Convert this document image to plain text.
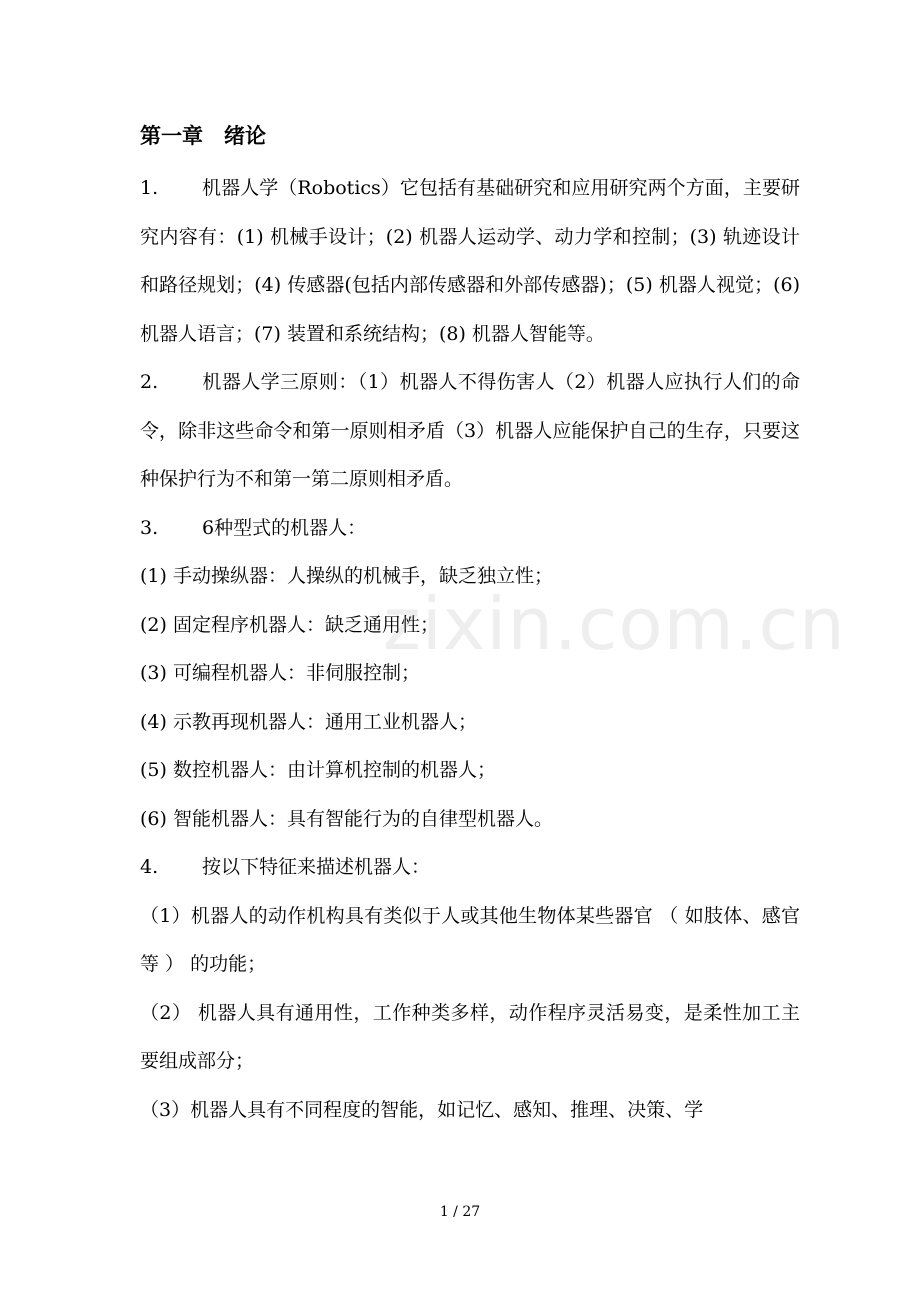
第一章　绪论

1. 机器人学（Robotics）它包括有基础研究和应用研究两个方面，主要研究内容有：(1) 机械手设计；(2) 机器人运动学、动力学和控制；(3) 轨迹设计和路径规划；(4) 传感器(包括内部传感器和外部传感器)；(5) 机器人视觉；(6) 机器人语言；(7) 装置和系统结构；(8) 机器人智能等。

2. 机器人学三原则：（1）机器人不得伤害人（2）机器人应执行人们的命令，除非这些命令和第一原则相矛盾（3）机器人应能保护自己的生存，只要这种保护行为不和第一第二原则相矛盾。

3. 6种型式的机器人：

(1) 手动操纵器：人操纵的机械手，缺乏独立性；

(2) 固定程序机器人：缺乏通用性；

(3) 可编程机器人：非伺服控制；

(4) 示教再现机器人：通用工业机器人；

(5) 数控机器人：由计算机控制的机器人；

(6) 智能机器人：具有智能行为的自律型机器人。

4. 按以下特征来描述机器人：

（1）机器人的动作机构具有类似于人或其他生物体某些器官 （ 如肢体、感官等 ） 的功能；

（2） 机器人具有通用性，工作种类多样，动作程序灵活易变，是柔性加工主要组成部分；

（3）机器人具有不同程度的智能，如记忆、感知、推理、决策、学

zixin.com.cn
1 / 27
